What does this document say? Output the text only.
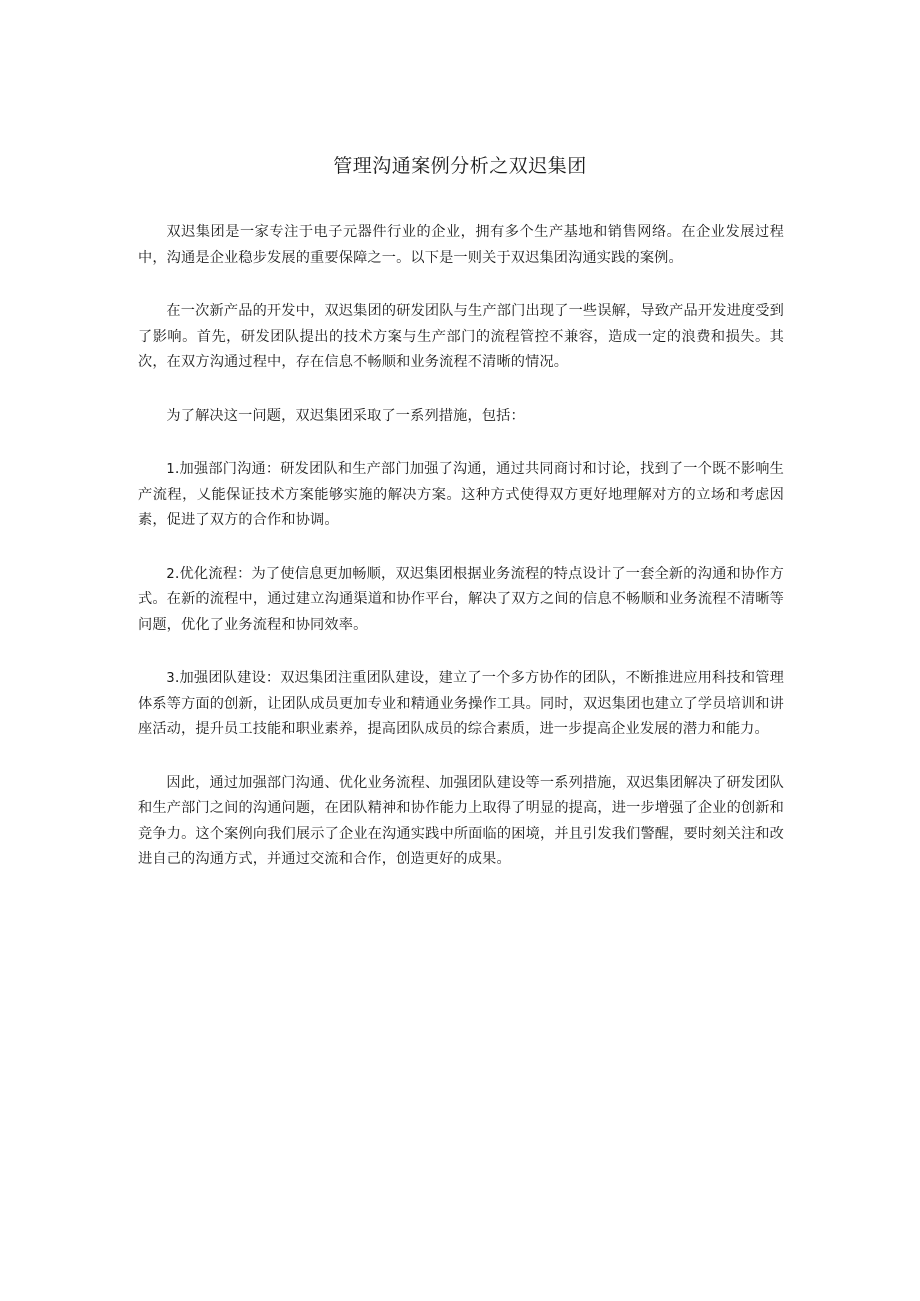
管理沟通案例分析之双迟集团

双迟集团是一家专注于电子元器件行业的企业，拥有多个生产基地和销售网络。在企业发展过程中，沟通是企业稳步发展的重要保障之一。以下是一则关于双迟集团沟通实践的案例。

在一次新产品的开发中，双迟集团的研发团队与生产部门出现了一些误解，导致产品开发进度受到了影响。首先，研发团队提出的技术方案与生产部门的流程管控不兼容，造成一定的浪费和损失。其次，在双方沟通过程中，存在信息不畅顺和业务流程不清晰的情况。

为了解决这一问题，双迟集团采取了一系列措施，包括：

1.加强部门沟通：研发团队和生产部门加强了沟通，通过共同商讨和讨论，找到了一个既不影响生产流程，乂能保证技术方案能够实施的解决方案。这种方式使得双方更好地理解对方的立场和考虑因素，促进了双方的合作和协调。

2.优化流程：为了使信息更加畅顺，双迟集团根据业务流程的特点设计了一套全新的沟通和协作方式。在新的流程中，通过建立沟通渠道和协作平台，解决了双方之间的信息不畅顺和业务流程不清晰等问题，优化了业务流程和协同效率。

3.加强团队建设：双迟集团注重团队建设，建立了一个多方协作的团队，不断推进应用科技和管理体系等方面的创新，让团队成员更加专业和精通业务操作工具。同时，双迟集团也建立了学员培训和讲座活动，提升员工技能和职业素养，提高团队成员的综合素质，进一步提高企业发展的潜力和能力。

因此，通过加强部门沟通、优化业务流程、加强团队建设等一系列措施，双迟集团解决了研发团队和生产部门之间的沟通问题，在团队精神和协作能力上取得了明显的提高，进一步增强了企业的创新和竞争力。这个案例向我们展示了企业在沟通实践中所面临的困境，并且引发我们警醒，要时刻关注和改进自己的沟通方式，并通过交流和合作，创造更好的成果。
